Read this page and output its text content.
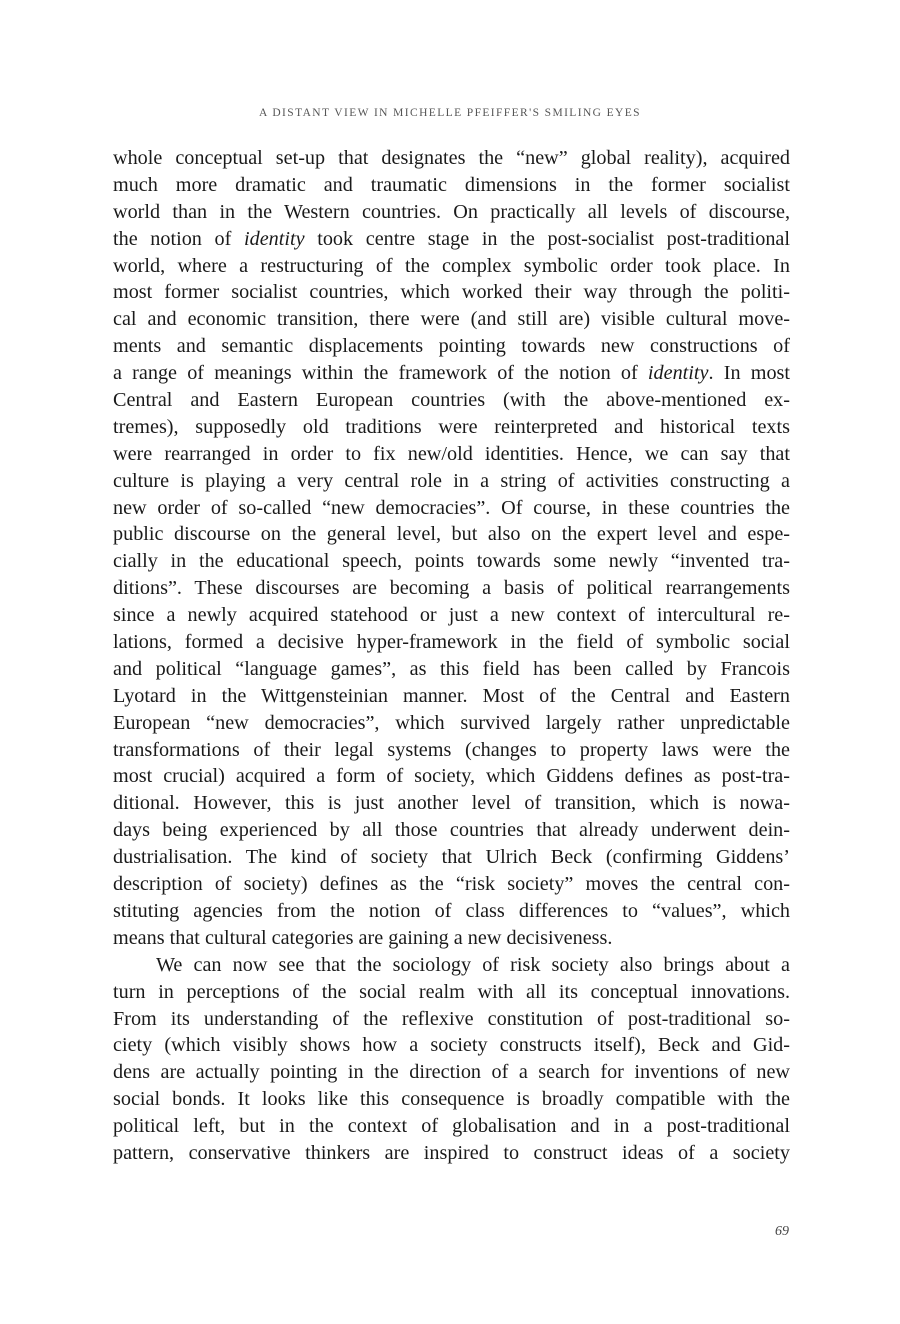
A DISTANT VIEW IN MICHELLE PFEIFFER'S SMILING EYES
whole conceptual set-up that designates the “new” global reality), acquired
much more dramatic and traumatic dimensions in the former socialist
world than in the Western countries. On practically all levels of discourse,
the notion of identity took centre stage in the post-socialist post-traditional
world, where a restructuring of the complex symbolic order took place. In
most former socialist countries, which worked their way through the politi-
cal and economic transition, there were (and still are) visible cultural move-
ments and semantic displacements pointing towards new constructions of
a range of meanings within the framework of the notion of identity. In most
Central and Eastern European countries (with the above-mentioned ex-
tremes), supposedly old traditions were reinterpreted and historical texts
were rearranged in order to fix new/old identities. Hence, we can say that
culture is playing a very central role in a string of activities constructing a
new order of so-called “new democracies”. Of course, in these countries the
public discourse on the general level, but also on the expert level and espe-
cially in the educational speech, points towards some newly “invented tra-
ditions”. These discourses are becoming a basis of political rearrangements
since a newly acquired statehood or just a new context of intercultural re-
lations, formed a decisive hyper-framework in the field of symbolic social
and political “language games”, as this field has been called by Francois
Lyotard in the Wittgensteinian manner. Most of the Central and Eastern
European “new democracies”, which survived largely rather unpredictable
transformations of their legal systems (changes to property laws were the
most crucial) acquired a form of society, which Giddens defines as post-tra-
ditional. However, this is just another level of transition, which is nowa-
days being experienced by all those countries that already underwent dein-
dustrialisation. The kind of society that Ulrich Beck (confirming Giddens’
description of society) defines as the “risk society” moves the central con-
stituting agencies from the notion of class differences to “values”, which
means that cultural categories are gaining a new decisiveness.
We can now see that the sociology of risk society also brings about a
turn in perceptions of the social realm with all its conceptual innovations.
From its understanding of the reflexive constitution of post-traditional so-
ciety (which visibly shows how a society constructs itself), Beck and Gid-
dens are actually pointing in the direction of a search for inventions of new
social bonds. It looks like this consequence is broadly compatible with the
political left, but in the context of globalisation and in a post-traditional
pattern, conservative thinkers are inspired to construct ideas of a society
69
